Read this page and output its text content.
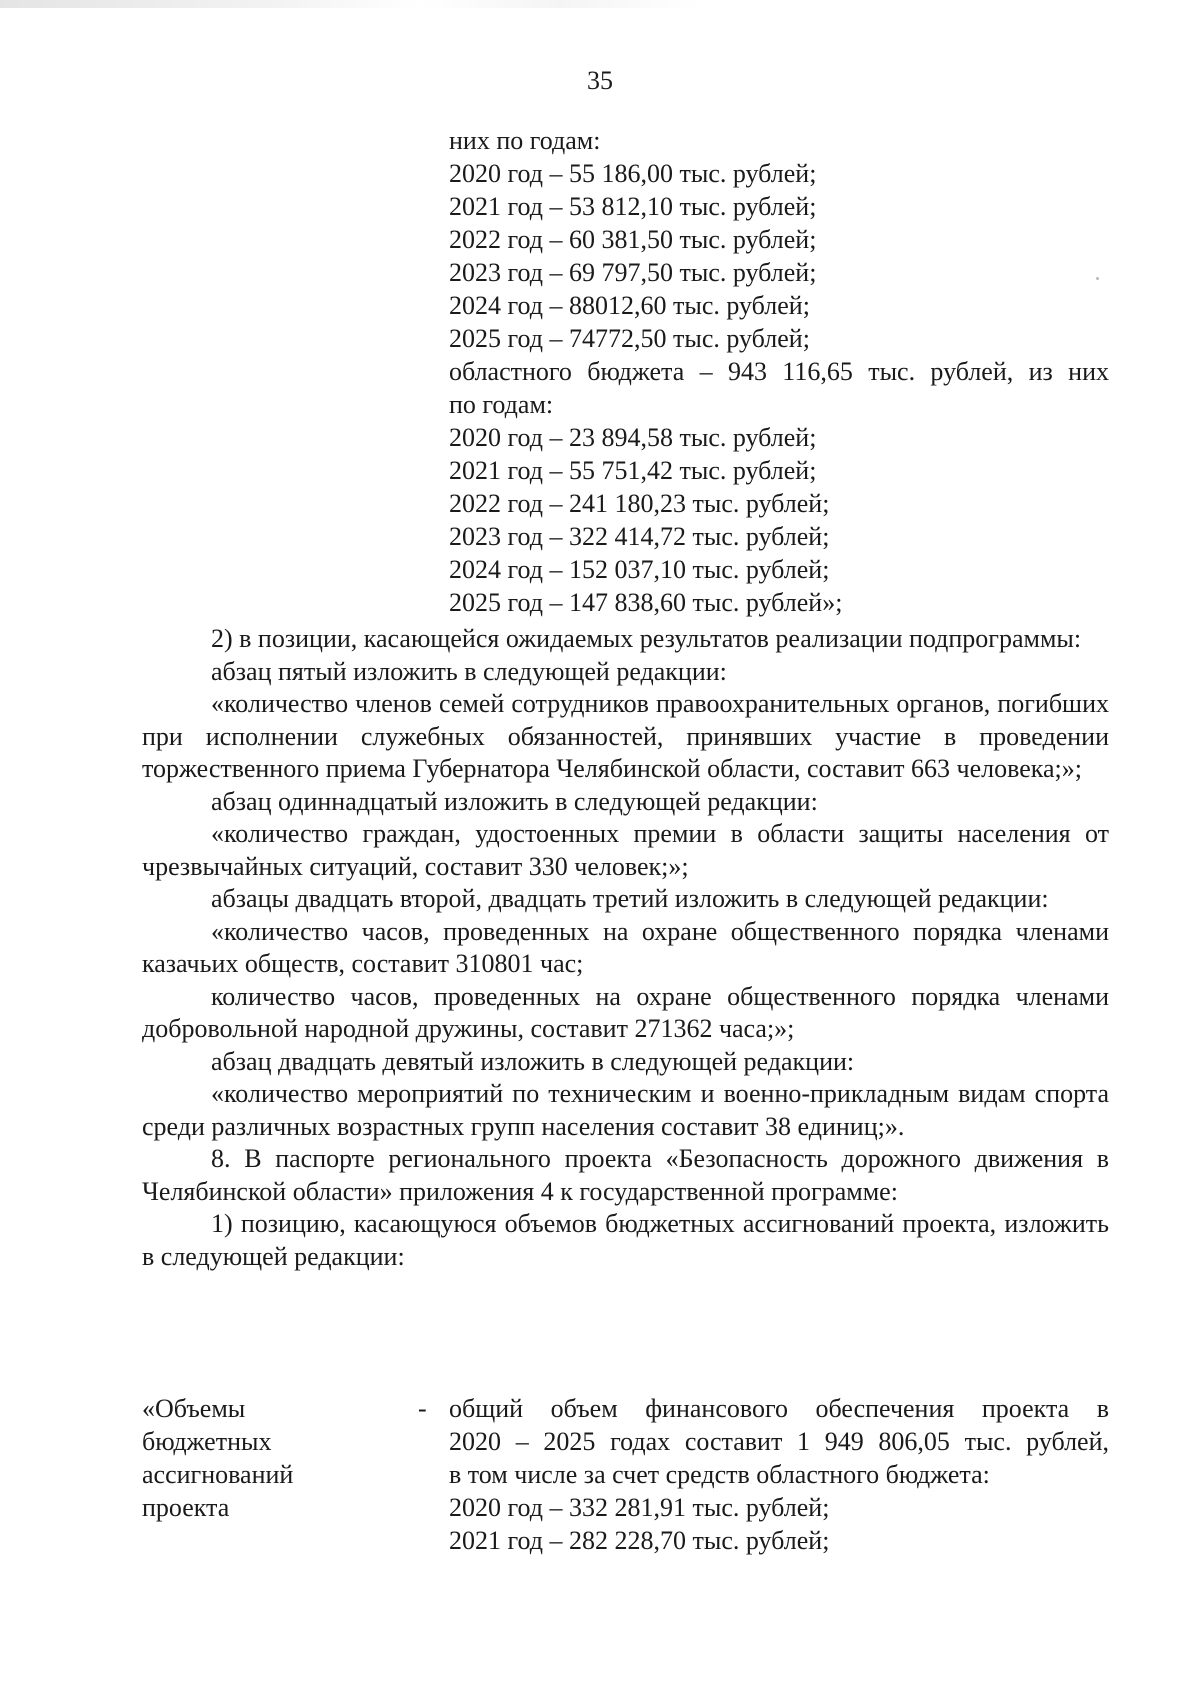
35
них по годам:
2020 год – 55 186,00 тыс. рублей;
2021 год – 53 812,10 тыс. рублей;
2022 год – 60 381,50 тыс. рублей;
2023 год – 69 797,50 тыс. рублей;
2024 год – 88012,60 тыс. рублей;
2025 год – 74772,50 тыс. рублей;
областного бюджета – 943 116,65 тыс. рублей, из них
по годам:
2020 год – 23 894,58 тыс. рублей;
2021 год – 55 751,42 тыс. рублей;
2022 год – 241 180,23 тыс. рублей;
2023 год – 322 414,72 тыс. рублей;
2024 год – 152 037,10 тыс. рублей;
2025 год – 147 838,60 тыс. рублей»;

2) в позиции, касающейся ожидаемых результатов реализации подпрограммы:

абзац пятый изложить в следующей редакции:

«количество членов семей сотрудников правоохранительных органов, погибших при исполнении служебных обязанностей, принявших участие в проведении торжественного приема Губернатора Челябинской области, составит 663 человека;»;

абзац одиннадцатый изложить в следующей редакции:

«количество граждан, удостоенных премии в области защиты населения от чрезвычайных ситуаций, составит 330 человек;»;

абзацы двадцать второй, двадцать третий изложить в следующей редакции:

«количество часов, проведенных на охране общественного порядка членами казачьих обществ, составит 310801 час;

количество часов, проведенных на охране общественного порядка членами добровольной народной дружины, составит 271362 часа;»;

абзац двадцать девятый изложить в следующей редакции:

«количество мероприятий по техническим и военно-прикладным видам спорта среди различных возрастных групп населения составит 38 единиц;».

8. В паспорте регионального проекта «Безопасность дорожного движения в Челябинской области» приложения 4 к государственной программе:

1) позицию, касающуюся объемов бюджетных ассигнований проекта, изложить в следующей редакции:

«Объемы
бюджетных
ассигнований
проекта
- общий объем финансового обеспечения проекта в
2020 – 2025 годах составит 1 949 806,05 тыс. рублей,
в том числе за счет средств областного бюджета:
2020 год – 332 281,91 тыс. рублей;
2021 год – 282 228,70 тыс. рублей;
